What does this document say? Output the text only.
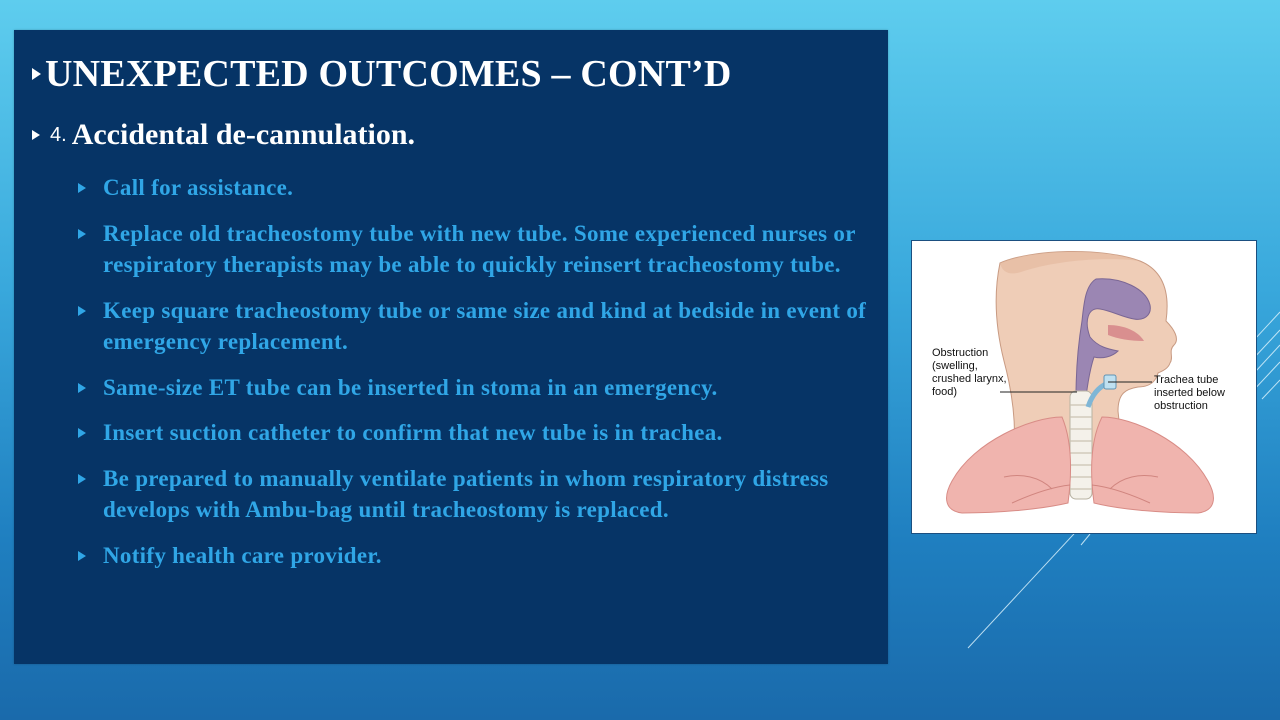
UNEXPECTED OUTCOMES – CONT’D
4. Accidental de-cannulation.
Call for assistance.
Replace old tracheostomy tube with new tube. Some experienced nurses or respiratory therapists may be able to quickly reinsert tracheostomy tube.
Keep square tracheostomy tube or same size and kind at bedside in event of emergency replacement.
Same-size ET tube can be inserted in stoma in an emergency.
Insert suction catheter to confirm that new tube is in trachea.
Be prepared to manually ventilate patients in whom respiratory distress develops with Ambu-bag until tracheostomy is replaced.
Notify health care provider.
Obstruction (swelling, crushed larynx, food)
Trachea tube inserted below obstruction
